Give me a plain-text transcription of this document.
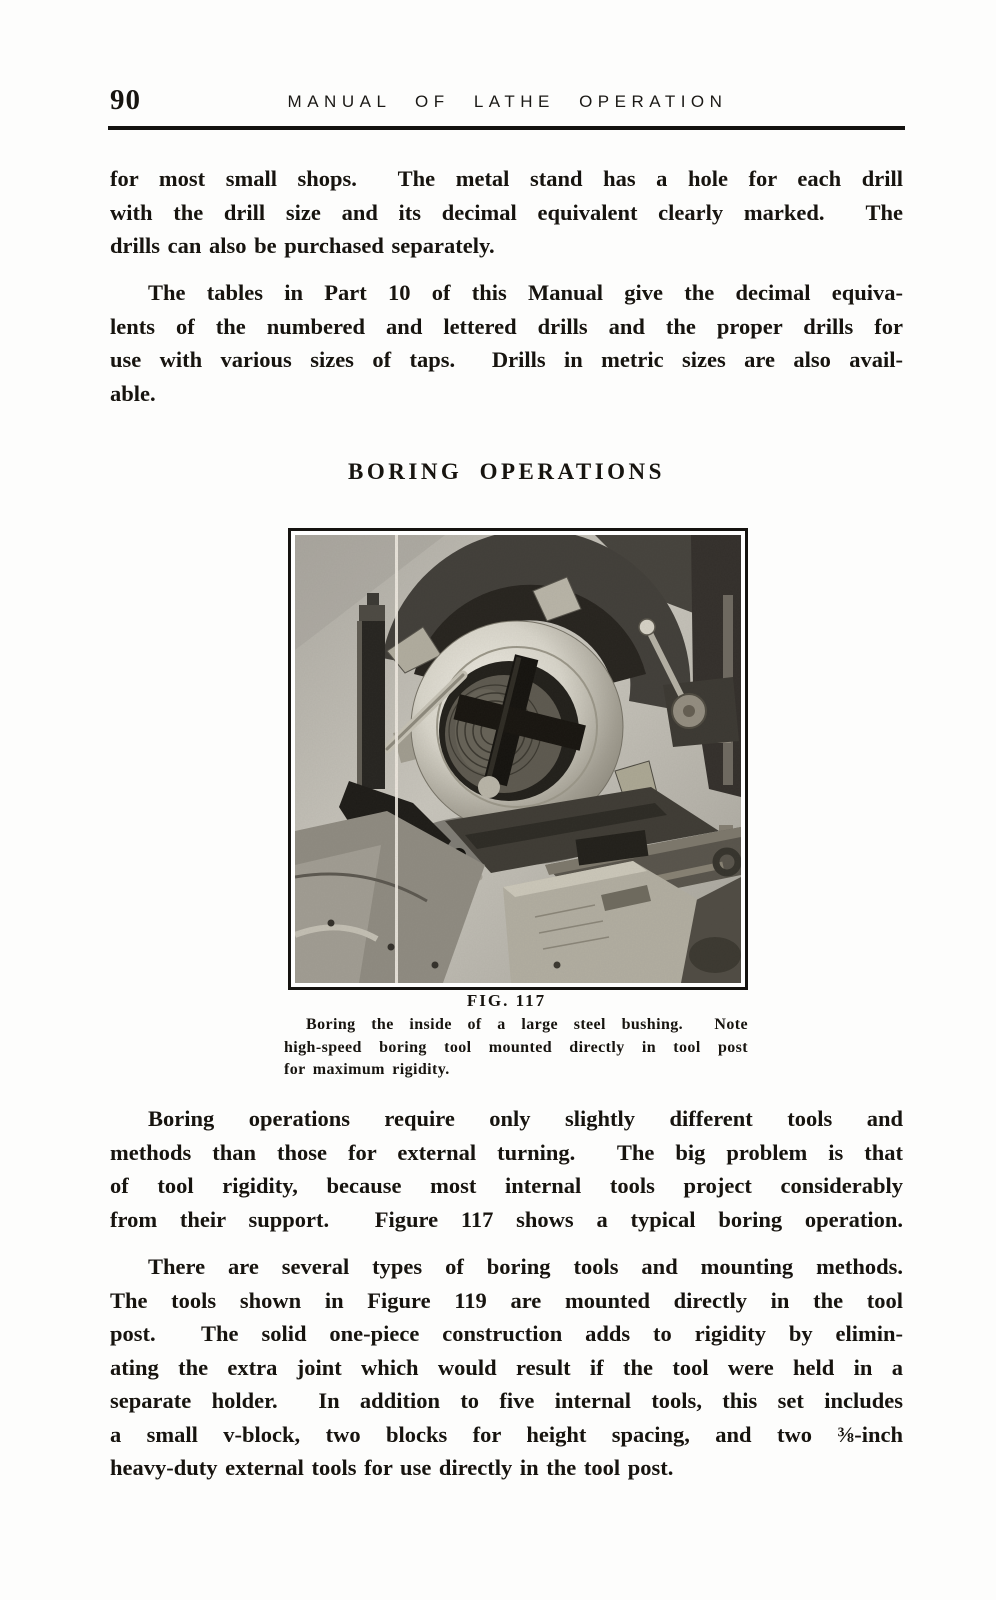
90	MANUAL OF LATHE OPERATION
for most small shops.  The metal stand has a hole for each drill
with the drill size and its decimal equivalent clearly marked.  The
drills can also be purchased separately.
The tables in Part 10 of this Manual give the decimal equiva-
lents of the numbered and lettered drills and the proper drills for
use with various sizes of taps.  Drills in metric sizes are also avail-
able.
BORING OPERATIONS
FIG. 117
Boring the inside of a large steel bushing.  Note
high-speed boring tool mounted directly in tool post
for maximum rigidity.
Boring operations require only slightly different tools and
methods than those for external turning.  The big problem is that
of tool rigidity, because most internal tools project considerably
from their support.  Figure 117 shows a typical boring operation.
There are several types of boring tools and mounting methods.
The tools shown in Figure 119 are mounted directly in the tool
post.  The solid one-piece construction adds to rigidity by elimin-
ating the extra joint which would result if the tool were held in a
separate holder.  In addition to five internal tools, this set includes
a small v-block, two blocks for height spacing, and two ⅜-inch
heavy-duty external tools for use directly in the tool post.
